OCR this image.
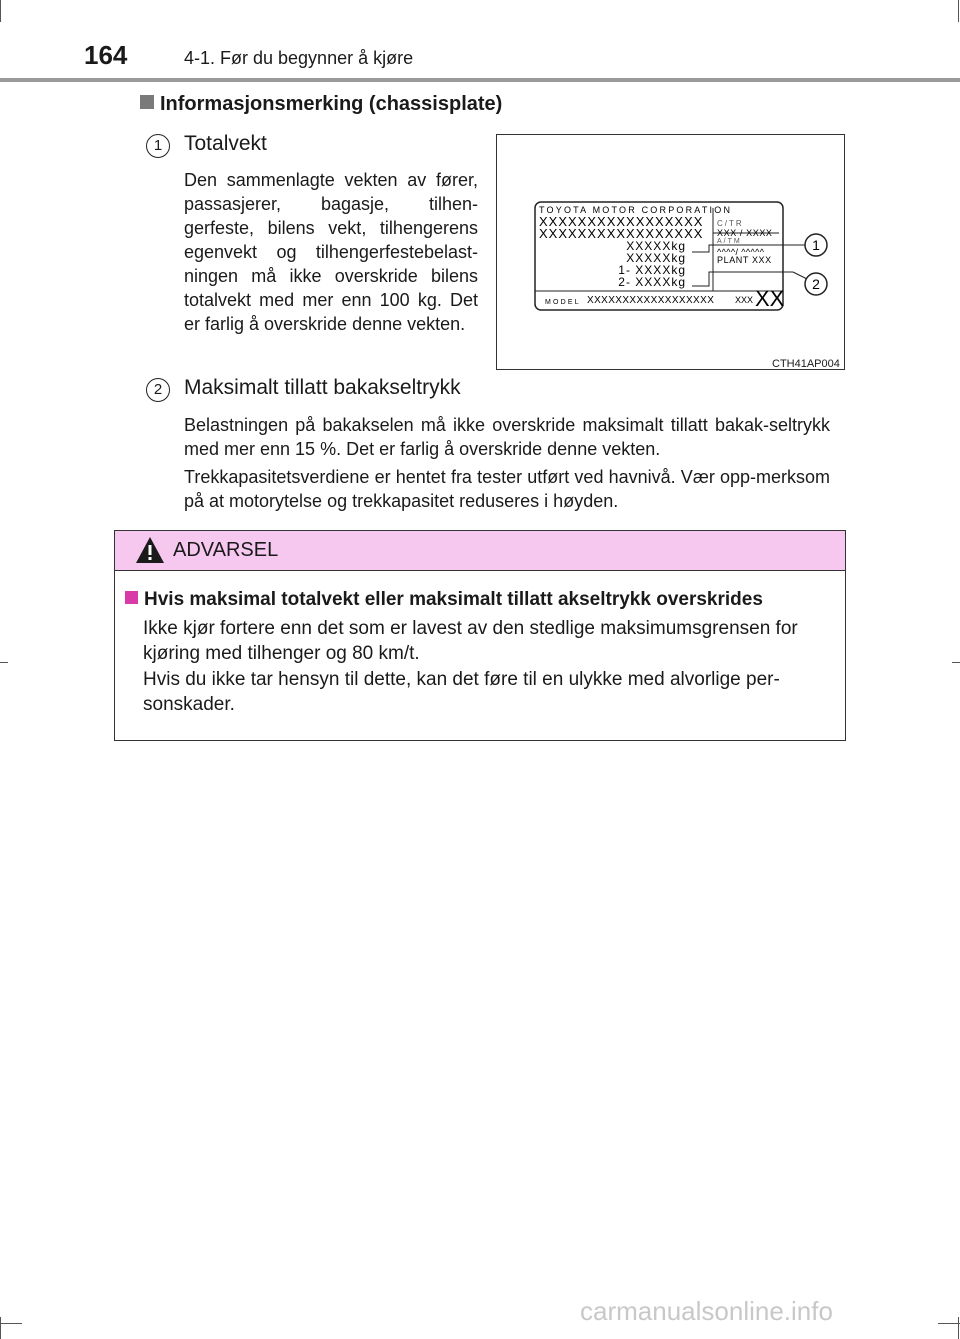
164	4-1. Før du begynner å kjøre
Informasjonsmerking (chassisplate)
1	Totalvekt
Den sammenlagte vekten av fører, passasjerer, bagasje, tilhen-gerfeste, bilens vekt, tilhengerens egenvekt og tilhengerfestebelast-ningen må ikke overskride bilens totalvekt med mer enn 100 kg. Det er farlig å overskride denne vekten.
TOYOTA MOTOR CORPORATION
XXXXXXXXXXXXXXXXX
XXXXXXXXXXXXXXXXX
XXXXXkg
XXXXXkg
1- XXXXkg
2- XXXXkg
C/TR
XXX / XXXX
A/TM
^^^^/ ^^^^^
PLANT XXX
MODEL XXXXXXXXXXXXXXXXXX XXX XX
1
2
CTH41AP004
2	Maksimalt tillatt bakakseltrykk
Belastningen på bakakselen må ikke overskride maksimalt tillatt bakak-seltrykk med mer enn 15 %. Det er farlig å overskride denne vekten.
Trekkapasitetsverdiene er hentet fra tester utført ved havnivå. Vær opp-merksom på at motorytelse og trekkapasitet reduseres i høyden.
ADVARSEL
Hvis maksimal totalvekt eller maksimalt tillatt akseltrykk overskrides
Ikke kjør fortere enn det som er lavest av den stedlige maksimumsgrensen for kjøring med tilhenger og 80 km/t.
Hvis du ikke tar hensyn til dette, kan det føre til en ulykke med alvorlige per-sonskader.
carmanualsonline.info
